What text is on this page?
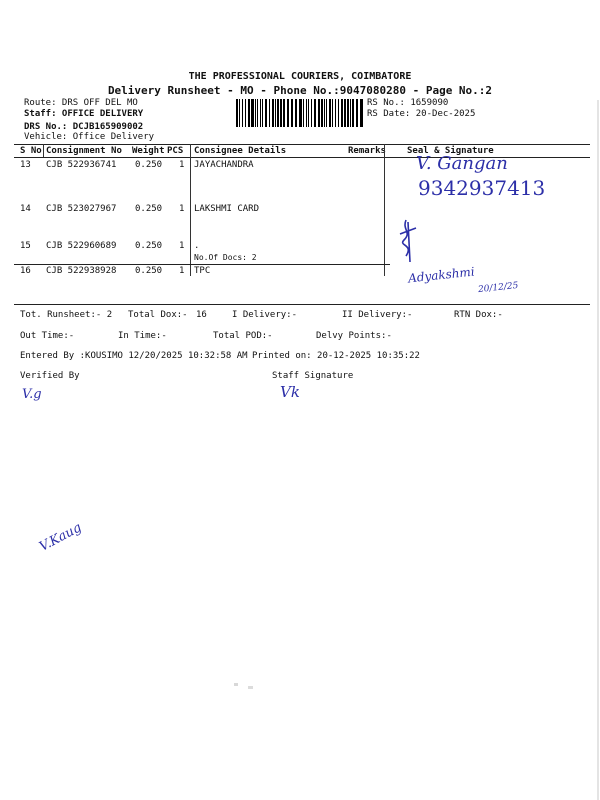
THE PROFESSIONAL COURIERS, COIMBATORE
Delivery Runsheet - MO - Phone No.:9047080280 - Page No.:2
Route: DRS OFF DEL MO
Staff: OFFICE DELIVERY
DRS No.: DCJB165909002
Vehicle: Office Delivery
RS No.: 1659090
RS Date: 20-Dec-2025
S No Consignment No Weight PCS Consignee Details	Remarks Seal & Signature
13 CJB 522936741 0.250 1 JAYACHANDRA
14 CJB 523027967 0.250 1 LAKSHMI CARD
15 CJB 522960689 0.250 1 .
No.Of Docs: 2
16 CJB 522938928 0.250 1 TPC
V. Gangan
9342937413
Adyakshmi
20/12/25
Tot. Runsheet:- 2 Total Dox:- 16	I Delivery:-	II Delivery:-	RTN Dox:-
Out Time:-	In Time:-	Total POD:-	Delvy Points:-
Entered By :KOUSIMO 12/20/2025 10:32:58 AM Printed on: 20-12-2025 10:35:22
Verified By	Staff Signature
V.g	Vk
V.Kaug
